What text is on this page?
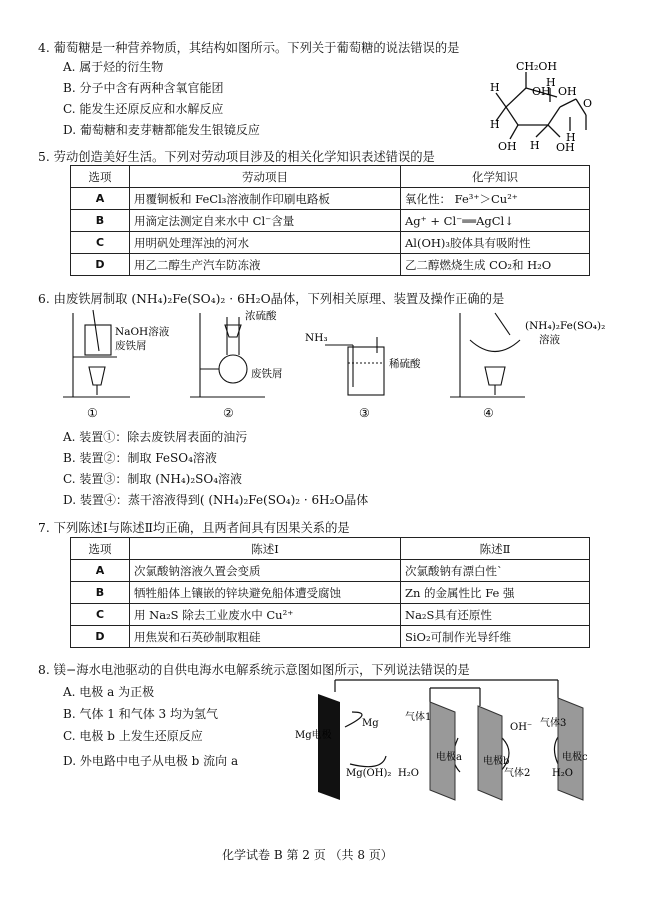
4. 葡萄糖是一种营养物质，其结构如图所示。下列关于葡萄糖的说法错误的是
A. 属于烃的衍生物
B. 分子中含有两种含氧官能团
C. 能发生还原反应和水解反应
D. 葡萄糖和麦芽糖都能发生银镜反应
CH₂OH
H	OH
O
H
H
OH
H
OH	OH
H
5. 劳动创造美好生活。下列对劳动项目涉及的相关化学知识表述错误的是
选项	劳动项目	化学知识
A	用覆铜板和 FeCl₃溶液制作印刷电路板	氧化性： Fe³⁺＞Cu²⁺
B	用滴定法测定自来水中 Cl⁻含量	Ag⁺ + Cl⁻══AgCl↓
C	用明矾处理浑浊的河水	Al(OH)₃胶体具有吸附性
D	用乙二醇生产汽车防冻液	乙二醇燃烧生成 CO₂和 H₂O
6. 由废铁屑制取 (NH₄)₂Fe(SO₄)₂ · 6H₂O晶体，下列相关原理、装置及操作正确的是
NaOH溶液
废铁屑
浓硫酸
废铁屑
NH₃
稀硫酸
(NH₄)₂Fe(SO₄)₂
溶液
①	②	③	④
A. 装置①：除去废铁屑表面的油污
B. 装置②：制取 FeSO₄溶液
C. 装置③：制取 (NH₄)₂SO₄溶液
D. 装置④：蒸干溶液得到( (NH₄)₂Fe(SO₄)₂ · 6H₂O晶体
7. 下列陈述Ⅰ与陈述Ⅱ均正确，且两者间具有因果关系的是
选项	陈述Ⅰ	陈述Ⅱ
A	次氯酸钠溶液久置会变质	次氯酸钠有漂白性`
B	牺牲船体上镶嵌的锌块避免船体遭受腐蚀	Zn 的金属性比 Fe 强
C	用 Na₂S 除去工业废水中 Cu²⁺	Na₂S具有还原性
D	用焦炭和石英砂制取粗硅	SiO₂可制作光导纤维
8. 镁−海水电池驱动的自供电海水电解系统示意图如图所示，下列说法错误的是
A. 电极 a 为正极
B. 气体 1 和气体 3 均为氢气
C. 电极 b 上发生还原反应
D. 外电路中电子从电极 b 流向 a
Mg电极
Mg
Mg(OH)₂ H₂O
气体1
电极a 电极b
OH⁻
气体2
气体3
H₂O
电极c
化学试卷 B 第 2 页 （共 8 页）
